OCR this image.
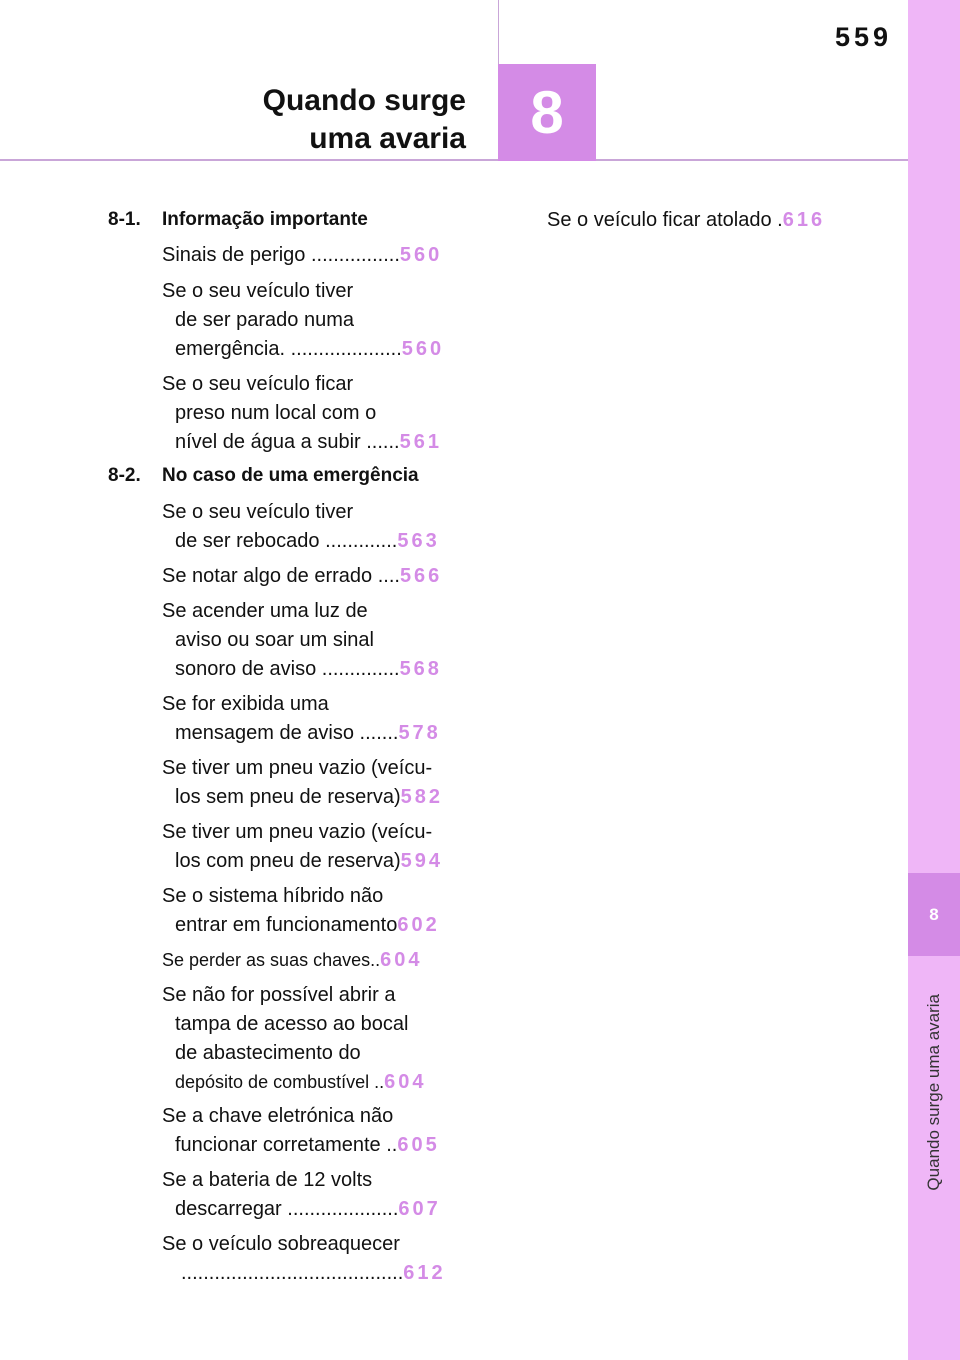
559
Quando surge
uma avaria	8
8
Quando surge uma avaria
8-1. Informação importante
Sinais de perigo ................560
Se o seu veículo tiver
de ser parado numa
emergência. ....................560
Se o seu veículo ficar
preso num local com o
nível de água a subir ......561
8-2. No caso de uma emergência
Se o seu veículo tiver
de ser rebocado .............563
Se notar algo de errado ....566
Se acender uma luz de
aviso ou soar um sinal
sonoro de aviso ..............568
Se for exibida uma
mensagem de aviso .......578
Se tiver um pneu vazio (veícu-
los sem pneu de reserva)582
Se tiver um pneu vazio (veícu-
los com pneu de reserva)594
Se o sistema híbrido não
entrar em funcionamento602
Se perder as suas chaves..604
Se não for possível abrir a
tampa de acesso ao bocal
de abastecimento do
depósito de combustível ..604
Se a chave eletrónica não
funcionar corretamente ..605
Se a bateria de 12 volts
descarregar ....................607
Se o veículo sobreaquecer
........................................612
Se o veículo ficar atolado .616
